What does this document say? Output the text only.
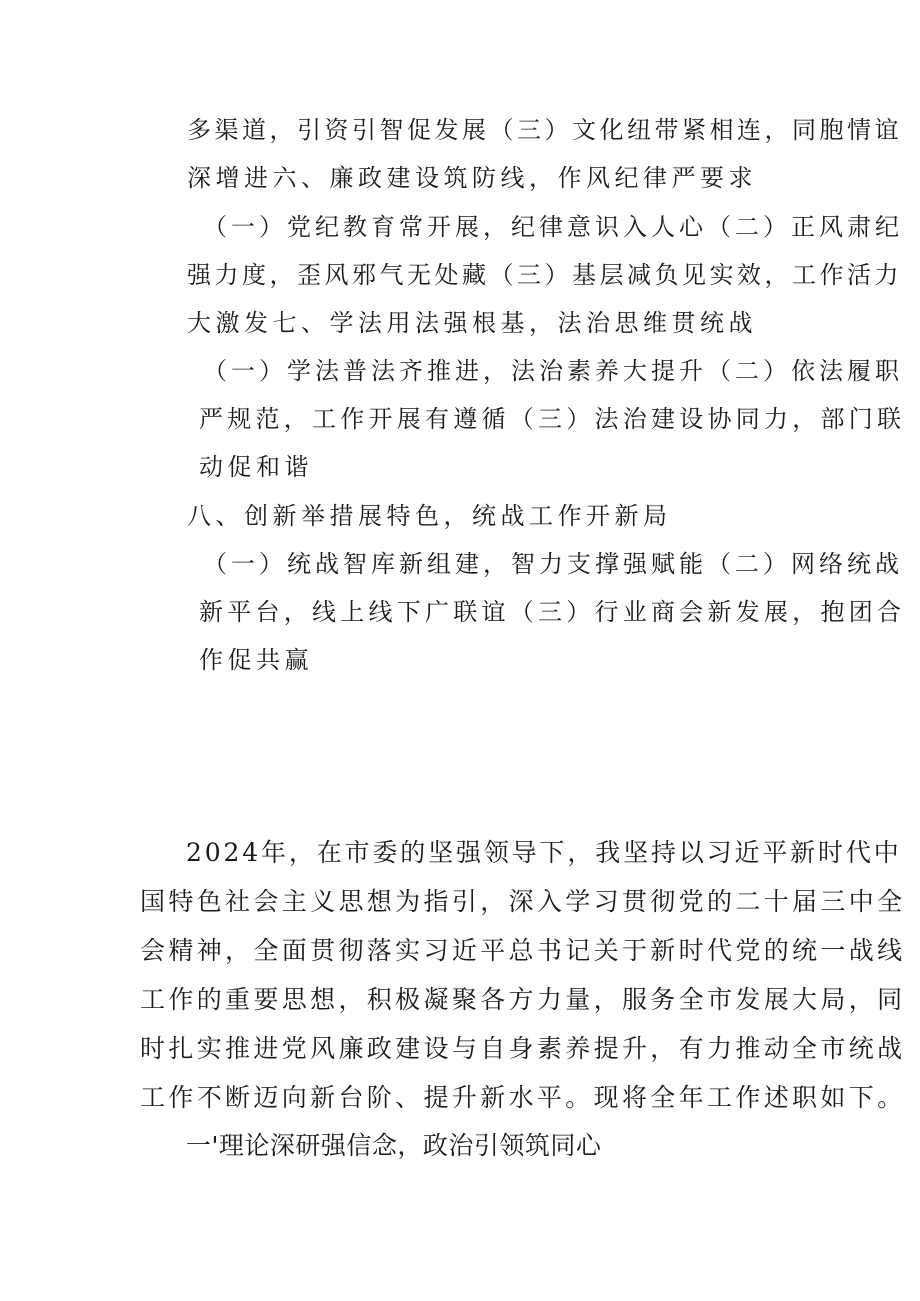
多渠道，引资引智促发展（三）文化纽带紧相连，同胞情谊
深增进六、廉政建设筑防线，作风纪律严要求
（一）党纪教育常开展，纪律意识入人心（二）正风肃纪
强力度，歪风邪气无处藏（三）基层减负见实效，工作活力
大激发七、学法用法强根基，法治思维贯统战
（一）学法普法齐推进，法治素养大提升（二）依法履职
严规范，工作开展有遵循（三）法治建设协同力，部门联
动促和谐
八、创新举措展特色，统战工作开新局
（一）统战智库新组建，智力支撑强赋能（二）网络统战
新平台，线上线下广联谊（三）行业商会新发展，抱团合
作促共赢
2024年，在市委的坚强领导下，我坚持以习近平新时代中
国特色社会主义思想为指引，深入学习贯彻党的二十届三中全
会精神，全面贯彻落实习近平总书记关于新时代党的统一战线
工作的重要思想，积极凝聚各方力量，服务全市发展大局，同
时扎实推进党风廉政建设与自身素养提升，有力推动全市统战
工作不断迈向新台阶、提升新水平。现将全年工作述职如下。
一'理论深研强信念，政治引领筑同心
